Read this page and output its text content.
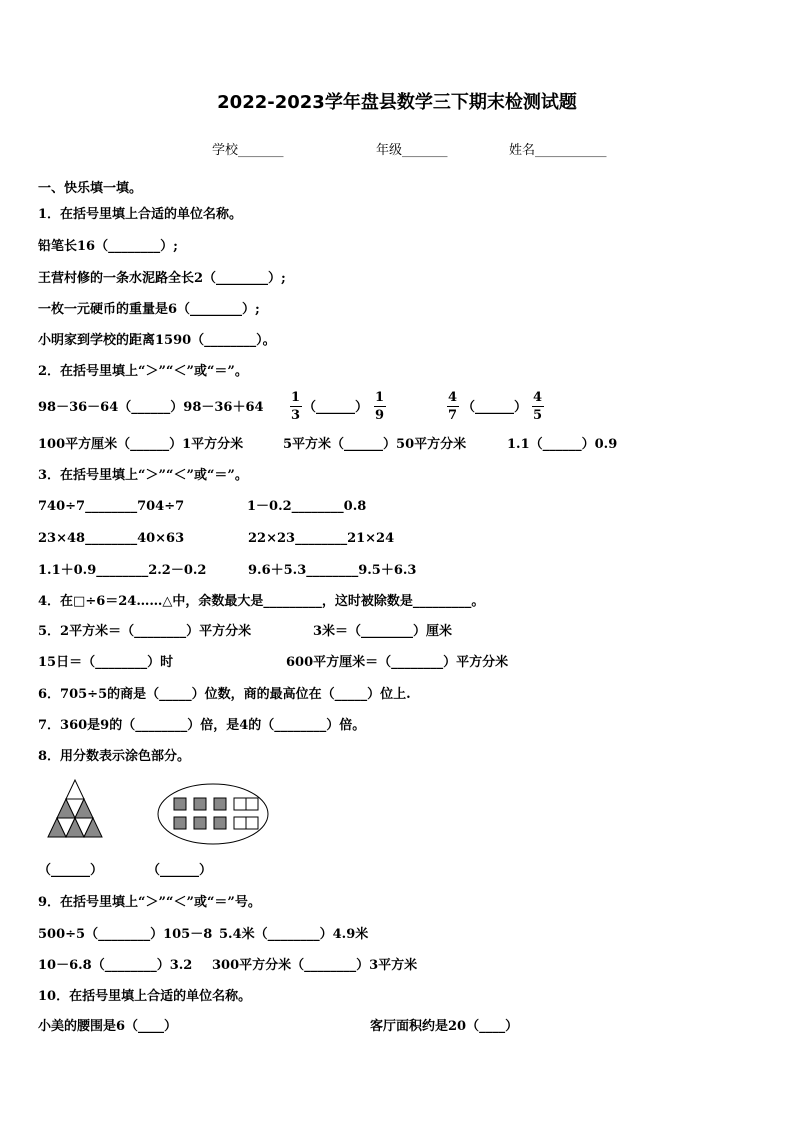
2022-2023学年盘县数学三下期末检测试题
学校_______	年级_______	姓名___________
一、快乐填一填。
1．在括号里填上合适的单位名称。
铅笔长16（________）;
王营村修的一条水泥路全长2（________）;
一枚一元硬币的重量是6（________）;
小明家到学校的距离1590（________）。
2．在括号里填上“＞”“＜”或“＝”。
98－36－64（______）98－36＋64
1
3
（______）
1
9
4
7
（______）
4
5
100平方厘米（______）1平方分米	5平方米（______）50平方分米	1.1（______）0.9
3．在括号里填上“＞”“＜”或“＝”。
740÷7________704÷7	1－0.2________0.8
23×48________40×63	22×23________21×24
1.1＋0.9________2.2－0.2	9.6＋5.3________9.5＋6.3
4．在□÷6＝24……△中，余数最大是_________，这时被除数是_________。
5．2平方米＝（________）平方分米	3米＝（________）厘米
15日＝（________）时	600平方厘米＝（________）平方分米
6．705÷5的商是（_____）位数，商的最高位在（_____）位上.
7．360是9的（________）倍，是4的（________）倍。
8．用分数表示涂色部分。
（______）	（______）
9．在括号里填上“＞”“＜”或“＝”号。
500÷5（________）105－8 5.4米（________）4.9米
10－6.8（________）3.2 300平方分米（________）3平方米
10．在括号里填上合适的单位名称。
小美的腰围是6（____）	客厅面积约是20（____）
